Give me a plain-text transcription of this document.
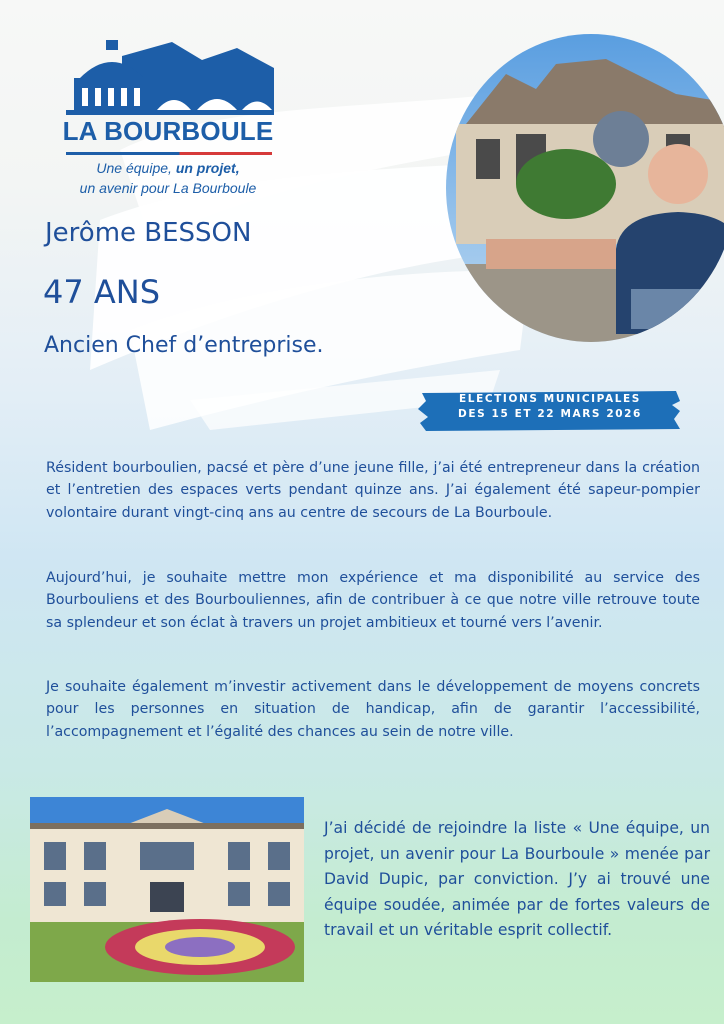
LA BOURBOULE
Une équipe, un projet,
un avenir pour La Bourboule
Jerôme BESSON
47 ANS
Ancien Chef d’entreprise.
ELECTIONS MUNICIPALES
DES 15 ET 22 MARS 2026
Résident bourboulien, pacsé et père d’une jeune fille, j’ai été entrepreneur dans la création et l’entretien des espaces verts pendant quinze ans. J’ai également été sapeur-pompier volontaire durant vingt-cinq ans au centre de secours de La Bourboule.
Aujourd’hui, je souhaite mettre mon expérience et ma disponibilité au service des Bourbouliens et des Bourbouliennes, afin de contribuer à ce que notre ville retrouve toute sa splendeur et son éclat à travers un projet ambitieux et tourné vers l’avenir.
Je souhaite également m’investir activement dans le développement de moyens concrets pour les personnes en situation de handicap, afin de garantir l’accessibilité, l’accompagnement et l’égalité des chances au sein de notre ville.
J’ai décidé de rejoindre la liste « Une équipe, un projet, un avenir pour La Bourboule » menée par David Dupic, par conviction. J’y ai trouvé une équipe soudée, animée par de fortes valeurs de travail et un véritable esprit collectif.
